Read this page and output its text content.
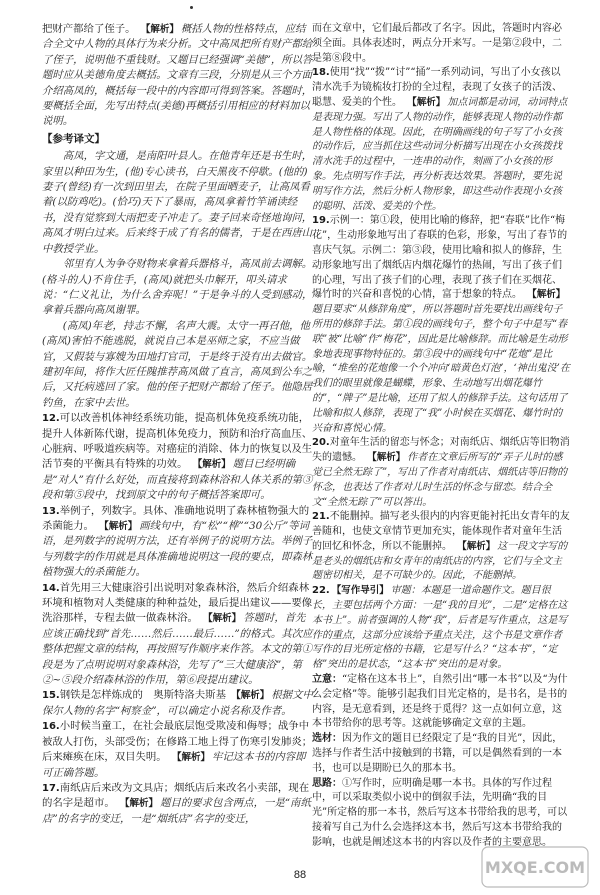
把财产都给了侄子。 【解析】 概括人物的性格特点，应结合全文中人物的具体行为来分析。文中高凤把所有财产都给了侄子，说明他不重钱财。又题目已经强调“美德”，所以答题时应从美德角度去概括。文章有三段，分别是从三个方面介绍高凤的，概括每一段中的内容即可得到答案。答题时，要概括全面，先写出特点(美德)再概括引用相应的材料加以说明。

【参考译文】

高凤，字文通，是南阳叶县人。在他青年还是书生时，家里以种田为生，(他)专心读书，白天黑夜不停歇。(他的)妻子(曾经)有一次到田里去，在院子里面晒麦子，让高凤看着(以防鸡吃)。(恰巧)天下了暴雨，高凤拿着竹竿诵读经书，没有觉察到大雨把麦子冲走了。妻子回来奇怪地询问，高凤才明白过来。后来终于成了有名的儒者，于是在西唐山中教授学业。

邻里有人为争夺财物来拿着兵器格斗，高凤前去调解。(格斗的人)不肯住手，(高凤)就把头巾解开，叩头请求说：“仁义礼让，为什么舍弃呢！”于是争斗的人受到感动，拿着兵器向高凤谢罪。

(高凤)年老，持志不懈，名声大震。太守一再召他，他(高凤)害怕不能逃脱，就说自己本是巫师之家，不应当做官，又假装与寡嫂为田地打官司，于是终于没有出去做官。建初年间，将作大匠任隗推荐高凤做了直言，高凤到公车之后，又托病逃回了家。他的侄子把财产都给了侄子。他隐居钓鱼，在家中去世。

12.可以改善机体神经系统功能，提高机体免疫系统功能，提升人体新陈代谢，提高机体免疫力，预防和治疗高血压、心脏病、呼吸道疾病等。对癌症的消除、体力的恢复以及生活节奏的平衡具有特殊的功效。 【解析】 题目已经明确是“对人”有什么好处，而直接将到森林浴和人体关系的第③段和第⑤段中，找到原文中的句子概括答案即可。

13.举例子，列数字。具体、准确地说明了森林植物强大的杀菌能力。 【解析】 画线句中，有“松”“桦”“30公斤”等词语，是列数字的说明方法，还有举例子的说明方法。举例子与列数字的作用就是具体准确地说明这一段的要点，即森林植物强大的杀菌能力。

14.首先用三大健康浴引出说明对象森林浴，然后介绍森林环境和植物对人类健康的种种益处，最后提出建议——要像洗浴那样，专程去做一做森林浴。 【解析】 答题时，首先应该正确找到“首先……然后……最后……”的格式。其次应整体把握文章的结构，再按照写作顺序来作答。本文的第①段是为了点明说明对象森林浴，先写了“三大健康浴”，第②~⑤段介绍森林浴的作用，第⑥段提出建议。

15.钢铁是怎样炼成的　奥斯特洛夫斯基 【解析】 根据文中保尔人物的名字“柯察金”，可以确定小说名称及作者。

16.小时候当童工，在社会最底层饱受欺凌和侮辱；战争中被敌人打伤，头部受伤；在修路工地上得了伤寒引发肺炎；后来瘫痪在床，双目失明。 【解析】 牢记这本书的内容即可正确答题。

17.南纸店后来改为文具店；烟纸店后来改名小卖部，现在的名字是超市。 【解析】 题目的要求包含两点，一是“南纸店”的名字的变迁，一是“烟纸店”名字的变迁，

而在文章中，它们最后都改了名字。因此，答题时内容必须全面。具体表述时，两点分开来写。一是第②段中，二是第⑧段中。

18.使用“找”“拨”“讨”“捅”一系列动词，写出了小女孩以清水冼手为镜梳妆打扮的全过程，表现了女孩子的活泼、聪慧、爱美的个性。 【解析】 加点词都是动词，动词特点是表现力强。写出了人物的动作，能够表现人物的动作都是人物性格的体现。因此，在明确画线的句子写了小女孩的动作后，应当抓住这些动词分析描写出现在小女孩拨找清水洗手的过程中，一连串的动作，刻画了小女孩的形象。先点明写作手法，再分析表达效果。答题时，要先说明写作方法，然后分析人物形象，即这些动作表现小女孩的聪明、活泼、爱美的个性。

19.示例一：第①段，使用比喻的修辞，把“春联”比作“梅花”，生动形象地写出了春联的色彩，形象，写出了春节的喜庆气氛。示例二：第③段，使用比喻和拟人的修辞，生动形象地写出了烟纸店内烟花爆竹的热闹，写出了孩子们的心理，写出了孩子们的心理，表现了孩子们在买烟花、爆竹时的兴奋和喜悦的心情，富于想象的特点。 【解析】题目要求“从修辞角度”，所以答题时首先要找出画线句子所用的修辞手法。第①段的画线句子，整个句子中是写“春联”被“比喻”作“梅花”，因此是比喻修辞。而比喻是生动形象地表现事物特征的。第③段中的画线句中“花炮”是比喻，“堆垒的花炮像一个个冲向‘暗黄色灯泡’，‘神出鬼没’在我们的眼里就像是蝴蝶，形象、生动地写出烟花爆竹的”，“牌子”是比喻，还用了拟人的修辞手法。这句话用了比喻和拟人修辞，表现了“我”小时候在买烟花、爆竹时的兴奋和喜悦心情。

20.对童年生活的留恋与怀念；对南纸店、烟纸店等旧物消失的遗憾。 【解析】 作者在文章后所写的“弄子儿时的感觉已全然无踪了”，写出了作者对南纸店、烟纸店等旧物的怀念，也表达了作者对儿时生活的怀念与留恋。结合全文“全然无踪了”可以答出。

21.不能删掉。描写老头很内的内容更能衬托出女青年的友善随和，也使文章情节更加充实，能体现作者对童年生活的回忆和怀念，所以不能删掉。 【解析】 这一段文字写的是老头的烟纸店和女青年的南纸店的内容，它们与全文主题密切相关，是不可缺少的。因此，不能删掉。

22. 【写作导引】 审题：本题是一道命题作文。题目很长，主要包括两个方面：一是“我的目光”，二是“定格在这本书上”。前者强调的人物“我”，后者是写作重点，这是写作的重点，这部分应该给予重点关注，这个书是文章作者写作的目光所定格的书籍，它是写什么？“这本书”，“定格”突出的是状态，“这本书”突出的是对象。

立意：“定格在这本书上”，自然引出“哪一本书”以及“为什么会定格”等。能够引起我们目光定格的，是书名，是书的内容，是无意看到，还是终于觅得？这一点如何立意，这本书带给你的思考等。这就能够确定文章的主题。

选材：因为作文的题目已经限定了是“我的目光”，因此，选择与作者生活中接触到的书籍，可以是偶然看到的一本书，也可以是期盼已久的那本书。

思路：①写作时，应明确是哪一本书。具体的写作过程中，可以采取类似小说中的倒叙手法，先明确“我的目光”所定格的那一本书，然后写这本书带给我的思考，可以接着写自己为什么会选择这本书，然后写这本书带给我的影响，也就是阐述这本书的内容以及作者的主要意思。

88	MXQE.COM
